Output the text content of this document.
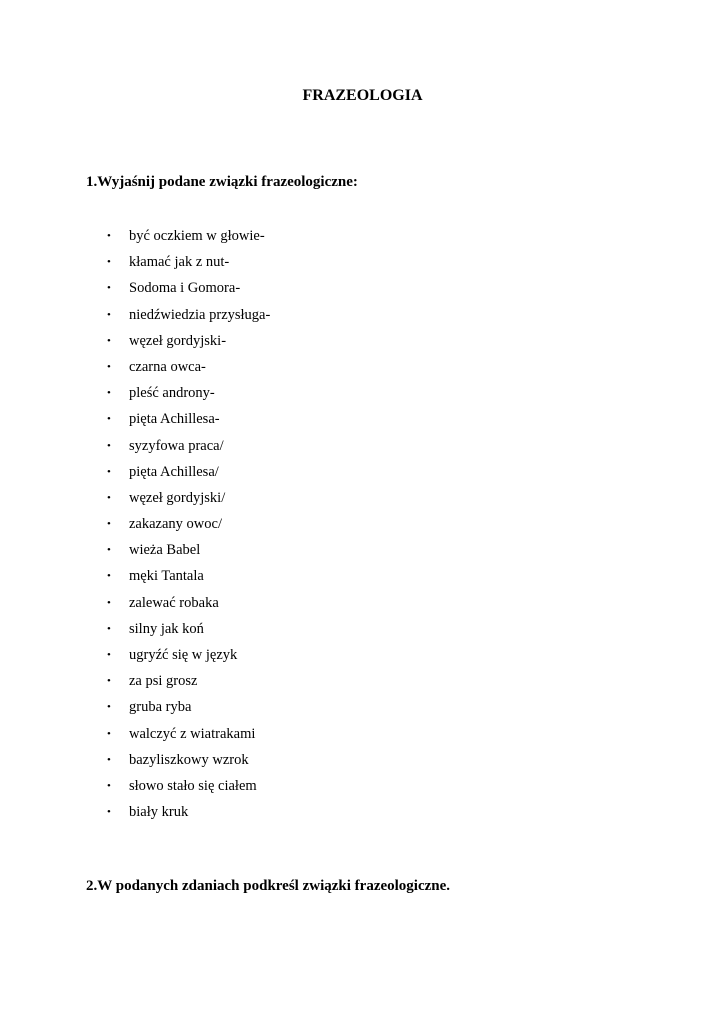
FRAZEOLOGIA
1.Wyjaśnij podane związki frazeologiczne:
• być oczkiem w głowie-
• kłamać jak z nut-
• Sodoma i Gomora-
• niedźwiedzia przysługa-
• węzeł gordyjski-
• czarna owca-
• pleść androny-
• pięta Achillesa-
• syzyfowa praca/
• pięta Achillesa/
• węzeł gordyjski/
• zakazany owoc/
• wieża Babel
• męki Tantala
• zalewać robaka
• silny jak koń
• ugryźć się w język
• za psi grosz
• gruba ryba
• walczyć z wiatrakami
• bazyliszkowy wzrok
• słowo stało się ciałem
• biały kruk
2.W podanych zdaniach podkreśl związki frazeologiczne.
